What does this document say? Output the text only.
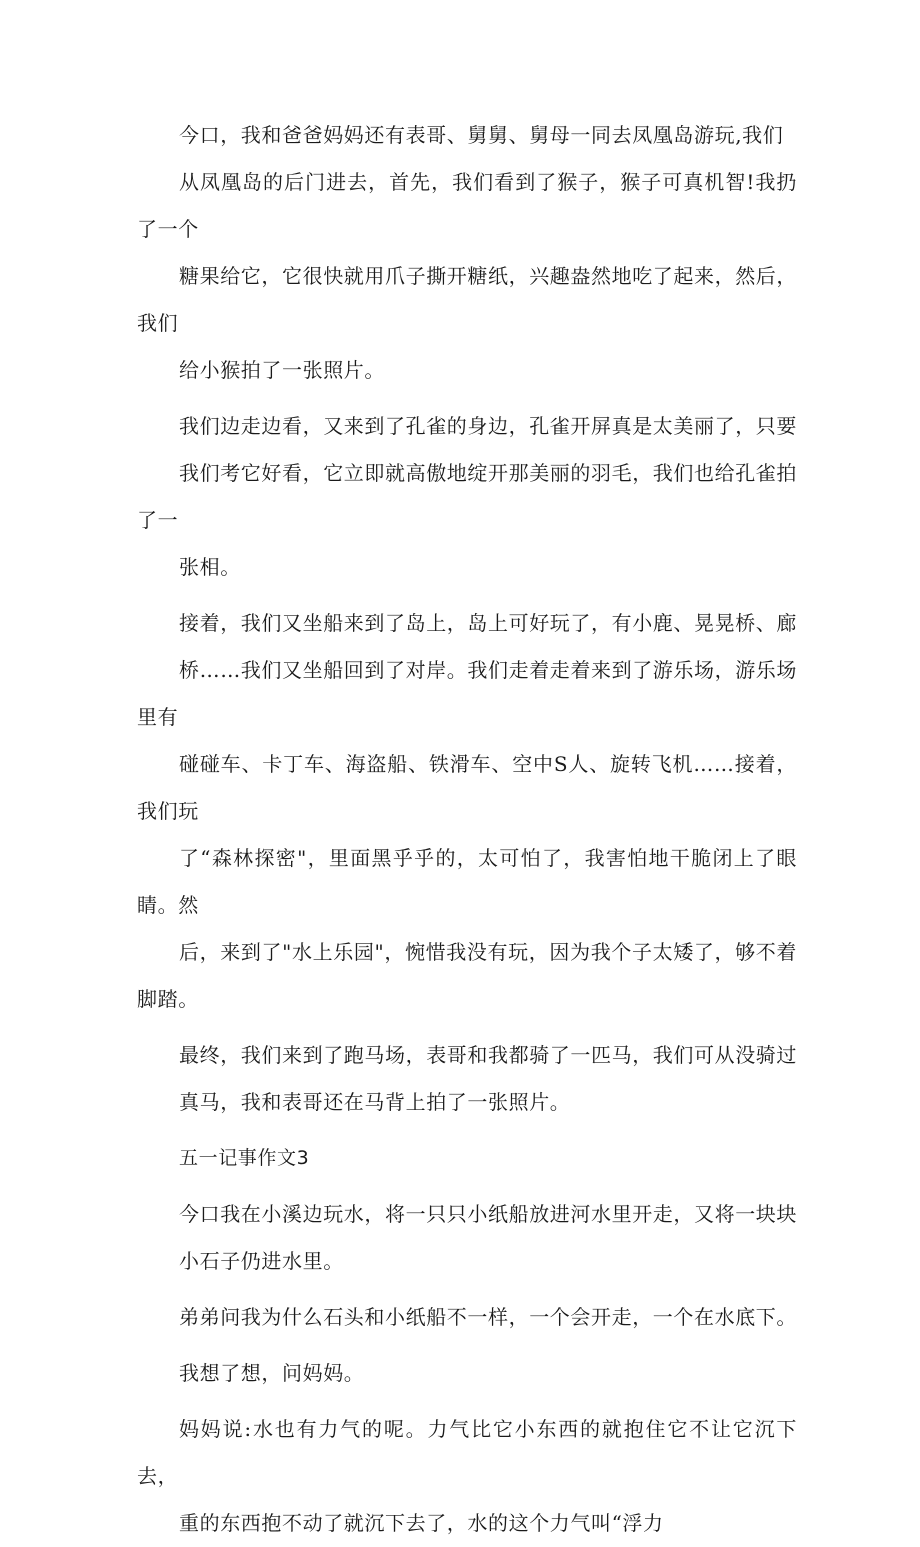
今口，我和爸爸妈妈还有表哥、舅舅、舅母一同去凤凰岛游玩,我们
从凤凰岛的后门进去，首先，我们看到了猴子，猴子可真机智!我扔了一个
糖果给它，它很快就用爪子撕开糖纸，兴趣盎然地吃了起来，然后，我们
给小猴拍了一张照片。

我们边走边看，又来到了孔雀的身边，孔雀开屏真是太美丽了，只要
我们考它好看，它立即就高傲地绽开那美丽的羽毛，我们也给孔雀拍了一
张相。

接着，我们又坐船来到了岛上，岛上可好玩了，有小鹿、晃晃桥、廊
桥……我们又坐船回到了对岸。我们走着走着来到了游乐场，游乐场里有
碰碰车、卡丁车、海盗船、铁滑车、空中S人、旋转飞机……接着，我们玩
了“森林探密"，里面黑乎乎的，太可怕了，我害怕地干脆闭上了眼睛。然
后，来到了"水上乐园"，惋惜我没有玩，因为我个子太矮了，够不着脚踏。

最终，我们来到了跑马场，表哥和我都骑了一匹马，我们可从没骑过
真马，我和表哥还在马背上拍了一张照片。

五一记事作文3

今口我在小溪边玩水，将一只只小纸船放进河水里开走，又将一块块
小石子仍进水里。

弟弟问我为什么石头和小纸船不一样，一个会开走，一个在水底下。

我想了想，问妈妈。

妈妈说:水也有力气的呢。力气比它小东西的就抱住它不让它沉下去，
重的东西抱不动了就沉下去了，水的这个力气叫“浮力
